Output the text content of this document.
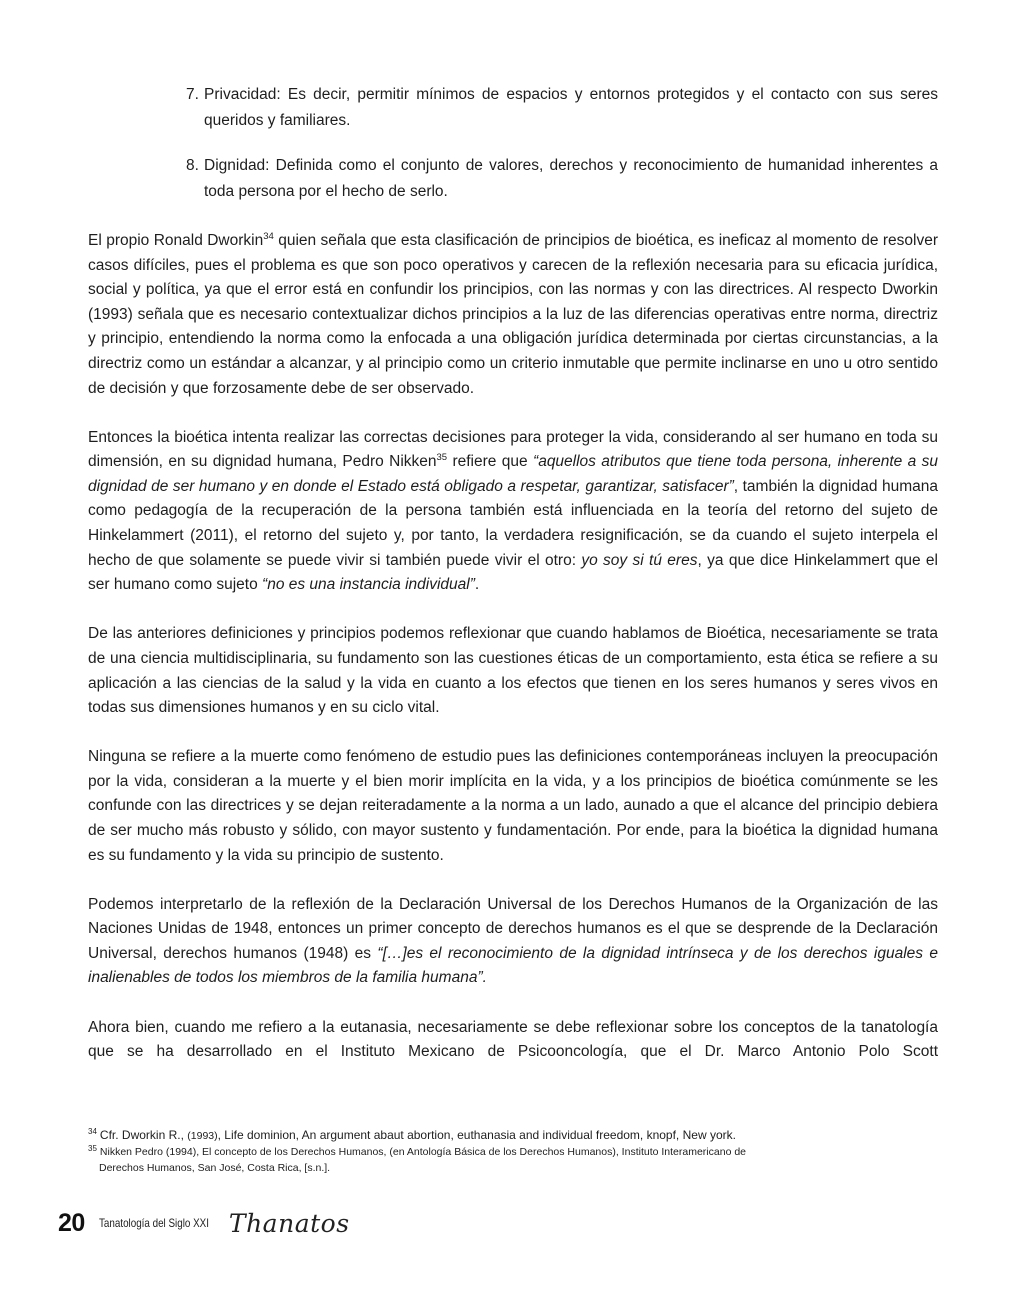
7. Privacidad: Es decir, permitir mínimos de espacios y entornos protegidos y el contacto con sus seres queridos y familiares.
8. Dignidad: Definida como el conjunto de valores, derechos y reconocimiento de humanidad inherentes a toda persona por el hecho de serlo.

El propio Ronald Dworkin$^{34}$ quien señala que esta clasificación de principios de bioética, es ineficaz al momento de resolver casos difíciles, pues el problema es que son poco operativos y carecen de la reflexión necesaria para su eficacia jurídica, social y política, ya que el error está en confundir los principios, con las normas y con las directrices. Al respecto Dworkin (1993) señala que es necesario contextualizar dichos principios a la luz de las diferencias operativas entre norma, directriz y principio, entendiendo la norma como la enfocada a una obligación jurídica determinada por ciertas circunstancias, a la directriz como un estándar a alcanzar, y al principio como un criterio inmutable que permite inclinarse en uno u otro sentido de decisión y que forzosamente debe de ser observado.

Entonces la bioética intenta realizar las correctas decisiones para proteger la vida, considerando al ser humano en toda su dimensión, en su dignidad humana, Pedro Nikken$^{35}$ refiere que “aquellos atributos que tiene toda persona, inherente a su dignidad de ser humano y en donde el Estado está obligado a respetar, garantizar, satisfacer”, también la dignidad humana como pedagogía de la recuperación de la persona también está influenciada en la teoría del retorno del sujeto de Hinkelammert (2011), el retorno del sujeto y, por tanto, la verdadera resignificación, se da cuando el sujeto interpela el hecho de que solamente se puede vivir si también puede vivir el otro: yo soy si tú eres, ya que dice Hinkelammert que el ser humano como sujeto “no es una instancia individual”.

De las anteriores definiciones y principios podemos reflexionar que cuando hablamos de Bioética, necesariamente se trata de una ciencia multidisciplinaria, su fundamento son las cuestiones éticas de un comportamiento, esta ética se refiere a su aplicación a las ciencias de la salud y la vida en cuanto a los efectos que tienen en los seres humanos y seres vivos en todas sus dimensiones humanos y en su ciclo vital.

Ninguna se refiere a la muerte como fenómeno de estudio pues las definiciones contemporáneas incluyen la preocupación por la vida, consideran a la muerte y el bien morir implícita en la vida, y a los principios de bioética comúnmente se les confunde con las directrices y se dejan reiteradamente a la norma a un lado, aunado a que el alcance del principio debiera de ser mucho más robusto y sólido, con mayor sustento y fundamentación. Por ende, para la bioética la dignidad humana es su fundamento y la vida su principio de sustento.

Podemos interpretarlo de la reflexión de la Declaración Universal de los Derechos Humanos de la Organización de las Naciones Unidas de 1948, entonces un primer concepto de derechos humanos es el que se desprende de la Declaración Universal, derechos humanos (1948) es “[…]es el reconocimiento de la dignidad intrínseca y de los derechos iguales e inalienables de todos los miembros de la familia humana”.

Ahora bien, cuando me refiero a la eutanasia, necesariamente se debe reflexionar sobre los conceptos de la tanatología que se ha desarrollado en el Instituto Mexicano de Psicooncología, que el Dr. Marco Antonio Polo Scott

$^{34}$ Cfr. Dworkin R., (1993), Life dominion, An argument abaut abortion, euthanasia and individual freedom, knopf, New york.

$^{35}$ Nikken Pedro (1994), El concepto de los Derechos Humanos, (en Antología Básica de los Derechos Humanos), Instituto Interamericano de

Derechos Humanos, San José, Costa Rica, [s.n.].

20 Tanatología del Siglo XXI Thanatos
